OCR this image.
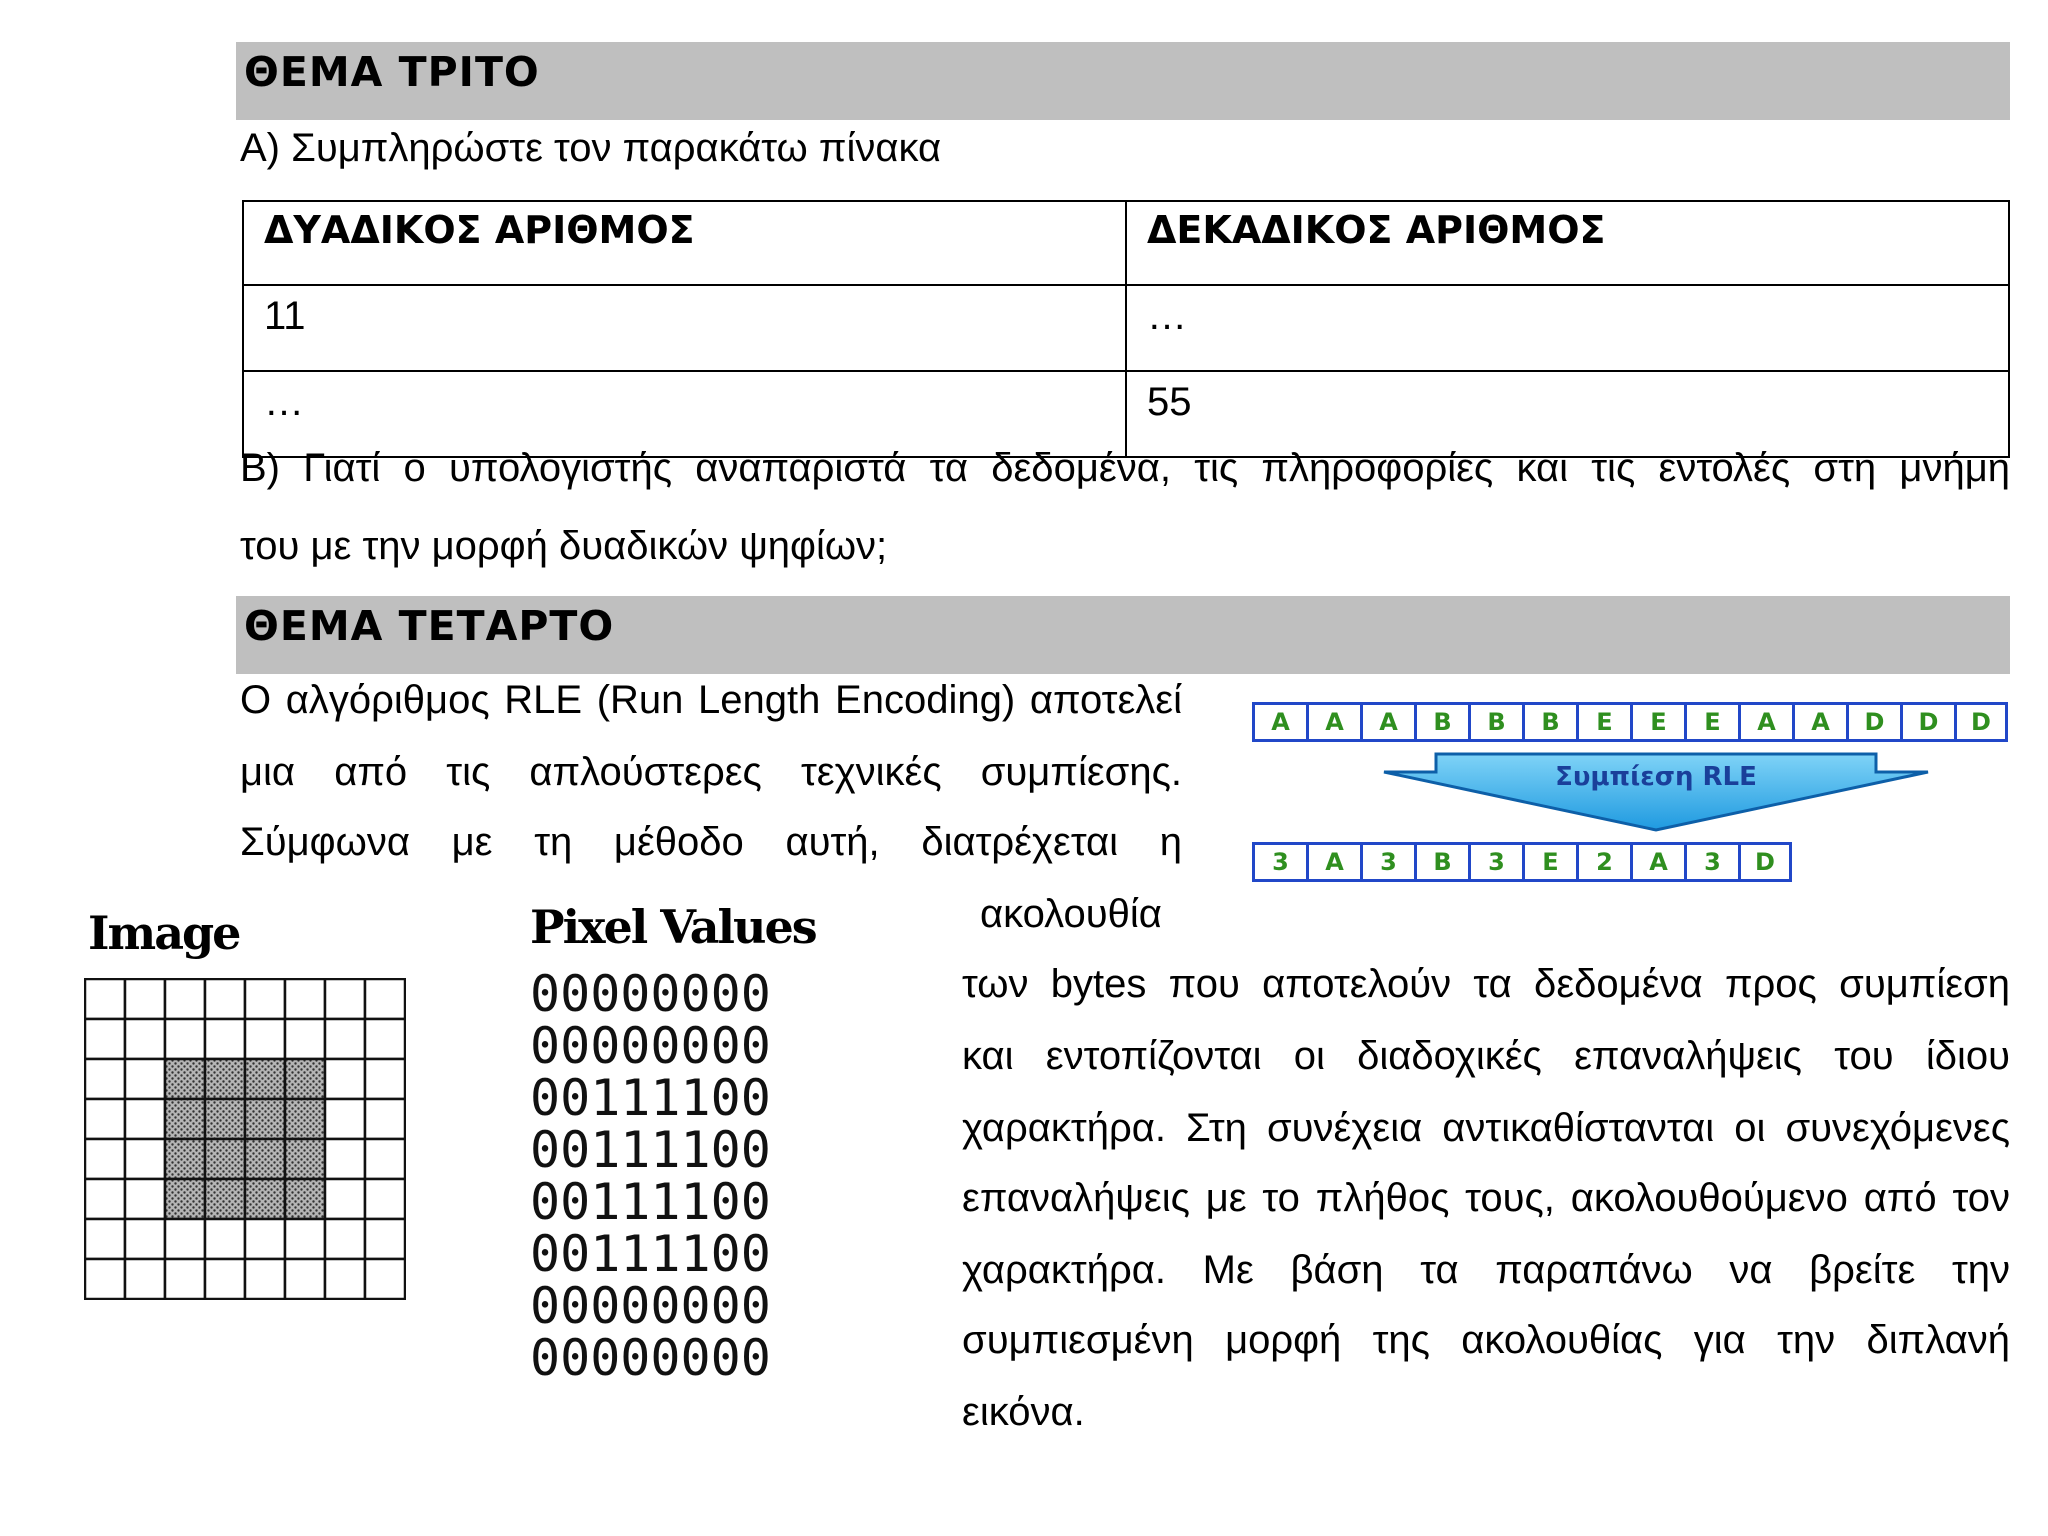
ΘΕΜΑ ΤΡΙΤΟ
Α) Συμπληρώστε τον παρακάτω πίνακα
ΔΥΑΔΙΚΟΣ ΑΡΙΘΜΟΣ	ΔΕΚΑΔΙΚΟΣ ΑΡΙΘΜΟΣ
11	…
…	55
Β) Γιατί ο υπολογιστής αναπαριστά τα δεδομένα, τις πληροφορίες και τις εντολές στη μνήμη
του με την μορφή δυαδικών ψηφίων;
ΘΕΜΑ ΤΕΤΑΡΤΟ
Ο αλγόριθμος RLE (Run Length Encoding) αποτελεί
μια από τις απλούστερες τεχνικές συμπίεσης.
Σύμφωνα με τη μέθοδο αυτή, διατρέχεται η
ακολουθία
των bytes που αποτελούν τα δεδομένα προς συμπίεση
και εντοπίζονται οι διαδοχικές επαναλήψεις του ίδιου
χαρακτήρα. Στη συνέχεια αντικαθίστανται οι συνεχόμενες
επαναλήψεις με το πλήθος τους, ακολουθούμενο από τον
χαρακτήρα. Με βάση τα παραπάνω να βρείτε την
συμπιεσμένη μορφή της ακολουθίας για την διπλανή
εικόνα.
A	A	A	B	B	B	E	E	E	A	A	D	D	D
Συμπίεση RLE
3	A	3	B	3	E	2	A	3	D
Image	Pixel Values
00000000
00000000
00111100
00111100
00111100
00111100
00000000
00000000
